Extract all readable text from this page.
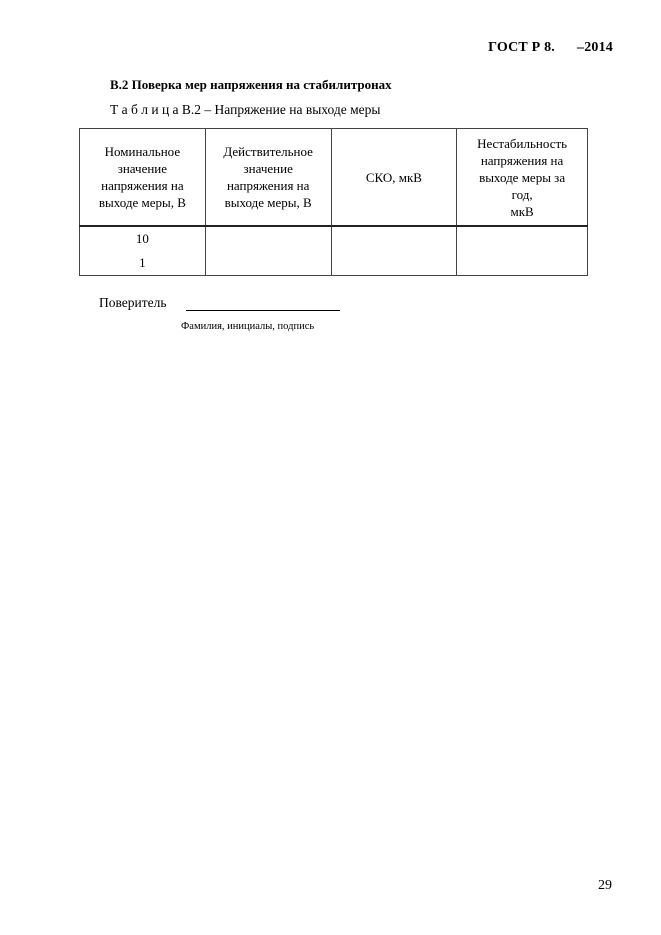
ГОСТ Р 8. –2014
В.2 Поверка мер напряжения на стабилитронах
Т а б л и ц а В.2 – Напряжение на выходе меры
Номинальное
значение
напряжения на
выходе меры, В	Действительное
значение
напряжения на
выходе меры, В	СКО, мкВ	Нестабильность
напряжения на
выходе меры за
год,
мкВ

10
1			

Поверитель
Фамилия, инициалы, подпись
29
